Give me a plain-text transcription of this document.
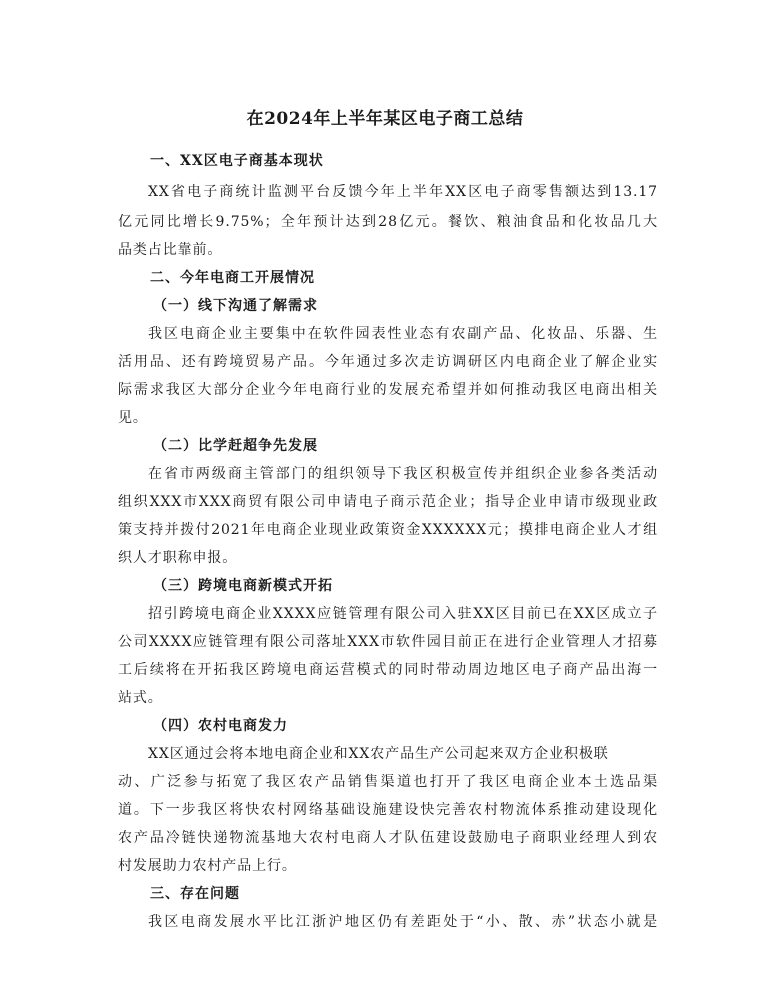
在2024年上半年某区电子商工总结
一、XX区电子商基本现状
XX省电子商统计监测平台反馈今年上半年XX区电子商零售额达到13.17
亿元同比增长9.75%；全年预计达到28亿元。餐饮、粮油食品和化妆品几大
品类占比靠前。
二、今年电商工开展情况
（一）线下沟通了解需求
我区电商企业主要集中在软件园表性业态有农副产品、化妆品、乐器、生
活用品、还有跨境贸易产品。今年通过多次走访调研区内电商企业了解企业实
际需求我区大部分企业今年电商行业的发展充希望并如何推动我区电商出相关
见。
（二）比学赶超争先发展
在省市两级商主管部门的组织领导下我区积极宣传并组织企业参各类活动
组织XXX市XXX商贸有限公司申请电子商示范企业；指导企业申请市级现业政
策支持并拨付2021年电商企业现业政策资金XXXXXX元；摸排电商企业人才组
织人才职称申报。
（三）跨境电商新模式开拓
招引跨境电商企业XXXX应链管理有限公司入驻XX区目前已在XX区成立子
公司XXXX应链管理有限公司落址XXX市软件园目前正在进行企业管理人才招募
工后续将在开拓我区跨境电商运营模式的同时带动周边地区电子商产品出海一
站式。
（四）农村电商发力
XX区通过会将本地电商企业和XX农产品生产公司起来双方企业积极联
动、广泛参与拓宽了我区农产品销售渠道也打开了我区电商企业本土选品渠
道。下一步我区将快农村网络基础设施建设快完善农村物流体系推动建设现化
农产品冷链快递物流基地大农村电商人才队伍建设鼓励电子商职业经理人到农
村发展助力农村产品上行。
三、存在问题
我区电商发展水平比江浙沪地区仍有差距处于“小、散、赤”状态小就是
